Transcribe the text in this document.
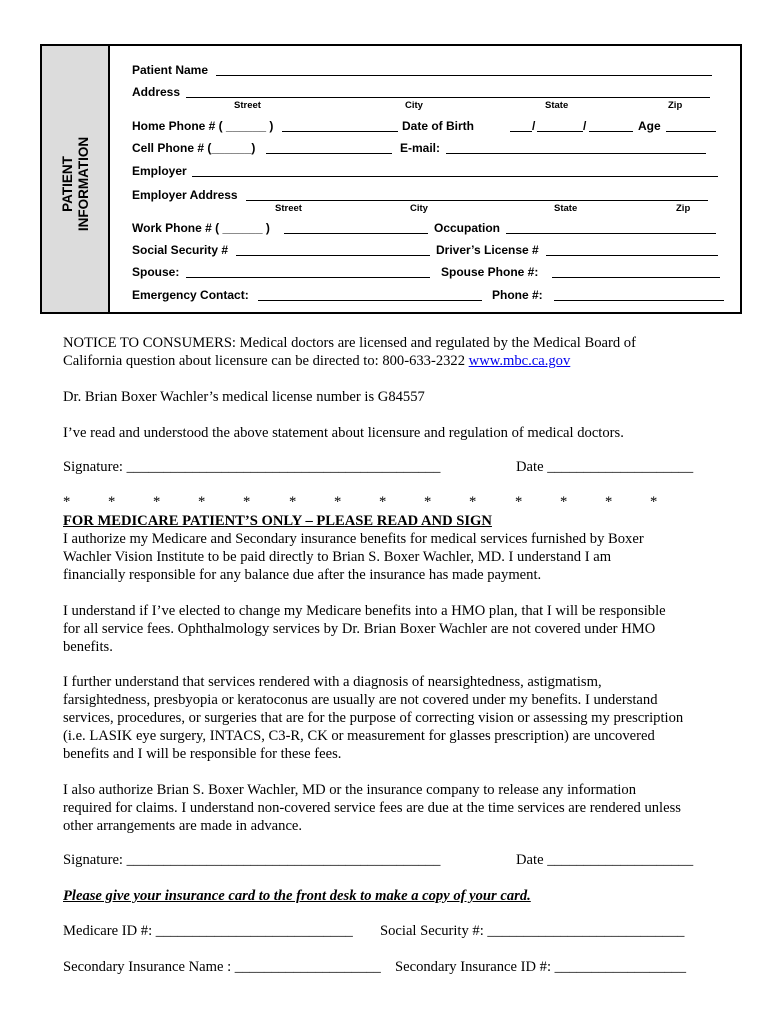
PATIENT INFORMATION
Patient Name
Address
Street	City	State	Zip
Home Phone # ( ______ )	Date of Birth	/	/	Age
Cell Phone # (______)	E-mail:
Employer
Employer Address
Street	City	State	Zip
Work Phone # ( ______ )	Occupation
Social Security #	Driver’s License #
Spouse:	Spouse Phone #:
Emergency Contact:	Phone #:
NOTICE TO CONSUMERS: Medical doctors are licensed and regulated by the Medical Board of
California question about licensure can be directed to: 800-633-2322 www.mbc.ca.gov
Dr. Brian Boxer Wachler’s medical license number is G84557
I’ve read and understood the above statement about licensure and regulation of medical doctors.
Signature: ___________________________________________	Date ____________________
*	*	*	*	*	*	*	*	*	*	*	*	*	*
FOR MEDICARE PATIENT’S ONLY – PLEASE READ AND SIGN
I authorize my Medicare and Secondary insurance benefits for medical services furnished by Boxer
Wachler Vision Institute to be paid directly to Brian S. Boxer Wachler, MD. I understand I am
financially responsible for any balance due after the insurance has made payment.
I understand if I’ve elected to change my Medicare benefits into a HMO plan, that I will be responsible
for all service fees. Ophthalmology services by Dr. Brian Boxer Wachler are not covered under HMO
benefits.
I further understand that services rendered with a diagnosis of nearsightedness, astigmatism,
farsightedness, presbyopia or keratoconus are usually are not covered under my benefits. I understand
services, procedures, or surgeries that are for the purpose of correcting vision or assessing my prescription
(i.e. LASIK eye surgery, INTACS, C3-R, CK or measurement for glasses prescription) are uncovered
benefits and I will be responsible for these fees.
I also authorize Brian S. Boxer Wachler, MD or the insurance company to release any information
required for claims. I understand non-covered service fees are due at the time services are rendered unless
other arrangements are made in advance.
Signature: ___________________________________________	Date ____________________
Please give your insurance card to the front desk to make a copy of your card.
Medicare ID #: ___________________________ Social Security #: ___________________________
Secondary Insurance Name : ____________________ Secondary Insurance ID #: __________________
